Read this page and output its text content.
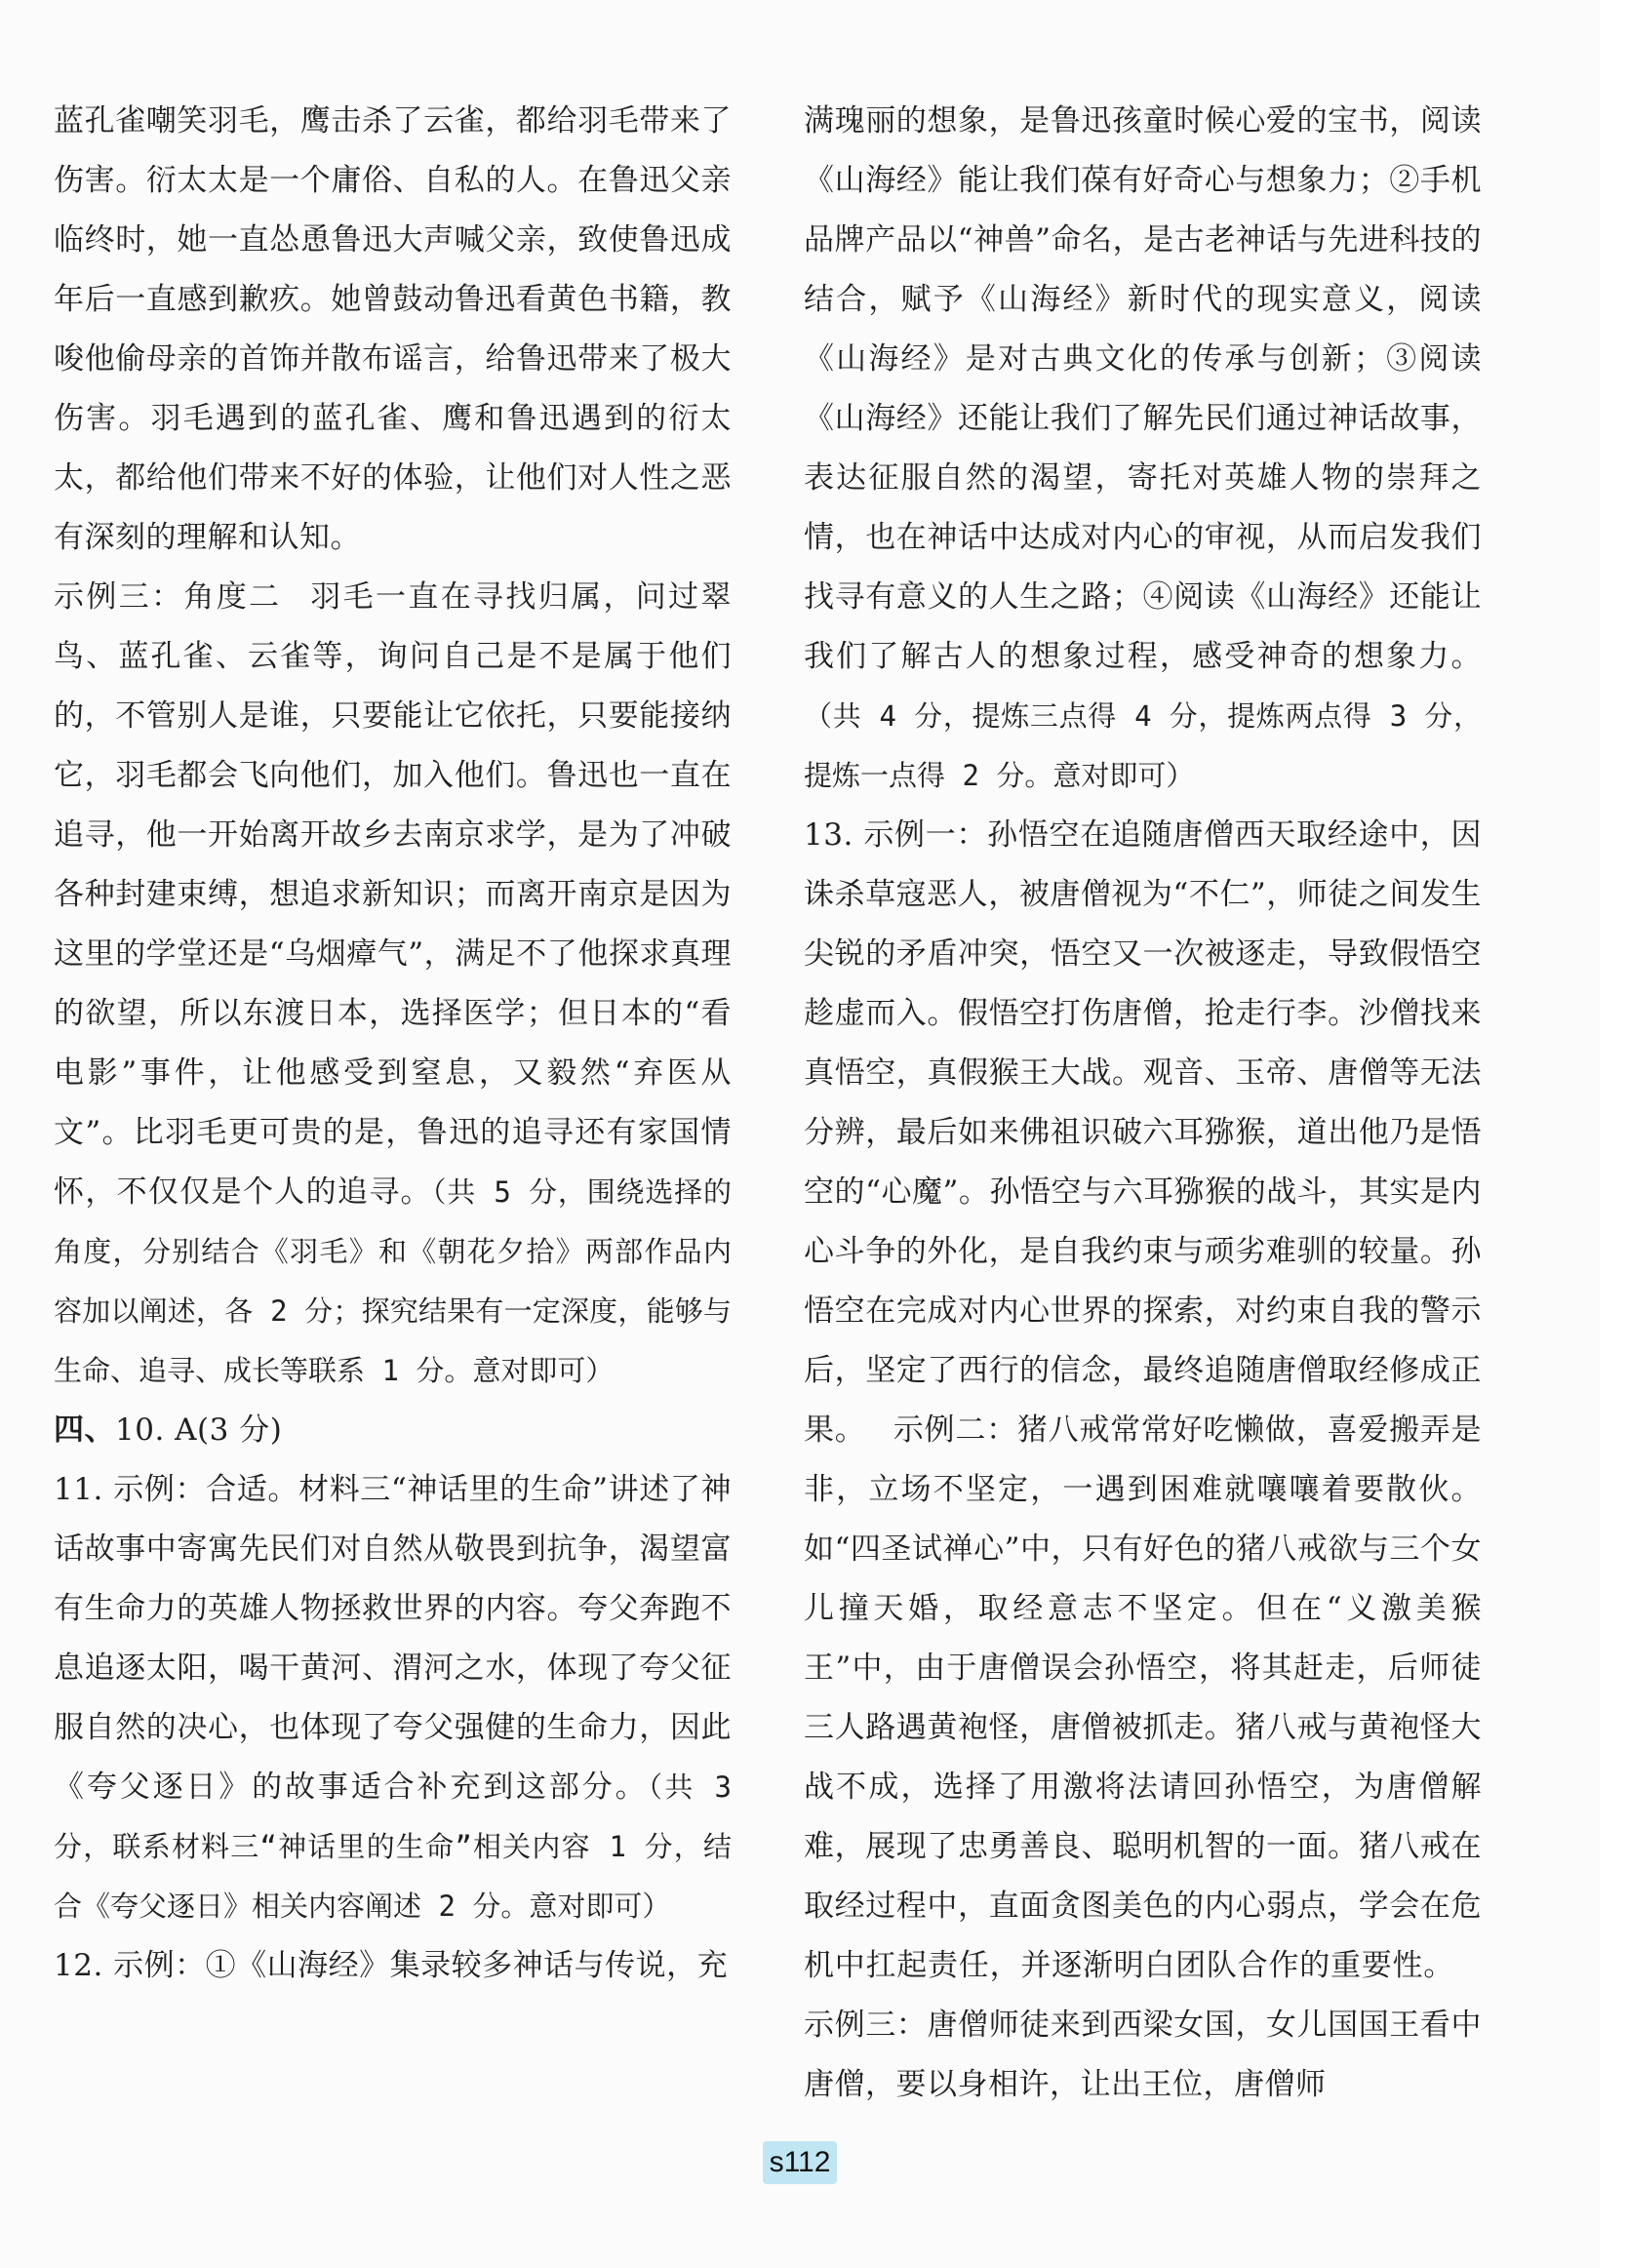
蓝孔雀嘲笑羽毛，鹰击杀了云雀，都给羽毛带来了伤害。衍太太是一个庸俗、自私的人。在鲁迅父亲临终时，她一直怂恿鲁迅大声喊父亲，致使鲁迅成年后一直感到歉疚。她曾鼓动鲁迅看黄色书籍，教唆他偷母亲的首饰并散布谣言，给鲁迅带来了极大伤害。羽毛遇到的蓝孔雀、鹰和鲁迅遇到的衍太太，都给他们带来不好的体验，让他们对人性之恶有深刻的理解和认知。

示例三：角度二 羽毛一直在寻找归属，问过翠鸟、蓝孔雀、云雀等，询问自己是不是属于他们的，不管别人是谁，只要能让它依托，只要能接纳它，羽毛都会飞向他们，加入他们。鲁迅也一直在追寻，他一开始离开故乡去南京求学，是为了冲破各种封建束缚，想追求新知识；而离开南京是因为这里的学堂还是“乌烟瘴气”，满足不了他探求真理的欲望，所以东渡日本，选择医学；但日本的“看电影”事件，让他感受到窒息，又毅然“弃医从文”。比羽毛更可贵的是，鲁迅的追寻还有家国情怀，不仅仅是个人的追寻。（共 5 分，围绕选择的角度，分别结合《羽毛》和《朝花夕拾》两部作品内容加以阐述，各 2 分；探究结果有一定深度，能够与生命、追寻、成长等联系 1 分。意对即可）

四、10. A(3 分)

11. 示例：合适。材料三“神话里的生命”讲述了神话故事中寄寓先民们对自然从敬畏到抗争，渴望富有生命力的英雄人物拯救世界的内容。夸父奔跑不息追逐太阳，喝干黄河、渭河之水，体现了夸父征服自然的决心，也体现了夸父强健的生命力，因此《夸父逐日》的故事适合补充到这部分。（共 3 分，联系材料三“神话里的生命”相关内容 1 分，结合《夸父逐日》相关内容阐述 2 分。意对即可）

12. 示例：①《山海经》集录较多神话与传说，充

满瑰丽的想象，是鲁迅孩童时候心爱的宝书，阅读《山海经》能让我们葆有好奇心与想象力；②手机品牌产品以“神兽”命名，是古老神话与先进科技的结合，赋予《山海经》新时代的现实意义，阅读《山海经》是对古典文化的传承与创新；③阅读《山海经》还能让我们了解先民们通过神话故事，表达征服自然的渴望，寄托对英雄人物的崇拜之情，也在神话中达成对内心的审视，从而启发我们找寻有意义的人生之路；④阅读《山海经》还能让我们了解古人的想象过程，感受神奇的想象力。（共 4 分，提炼三点得 4 分，提炼两点得 3 分，提炼一点得 2 分。意对即可）

13. 示例一：孙悟空在追随唐僧西天取经途中，因诛杀草寇恶人，被唐僧视为“不仁”，师徒之间发生尖锐的矛盾冲突，悟空又一次被逐走，导致假悟空趁虚而入。假悟空打伤唐僧，抢走行李。沙僧找来真悟空，真假猴王大战。观音、玉帝、唐僧等无法分辨，最后如来佛祖识破六耳猕猴，道出他乃是悟空的“心魔”。孙悟空与六耳猕猴的战斗，其实是内心斗争的外化，是自我约束与顽劣难驯的较量。孙悟空在完成对内心世界的探索，对约束自我的警示后，坚定了西行的信念，最终追随唐僧取经修成正果。 示例二：猪八戒常常好吃懒做，喜爱搬弄是非，立场不坚定，一遇到困难就嚷嚷着要散伙。如“四圣试禅心”中，只有好色的猪八戒欲与三个女儿撞天婚，取经意志不坚定。但在“义激美猴王”中，由于唐僧误会孙悟空，将其赶走，后师徒三人路遇黄袍怪，唐僧被抓走。猪八戒与黄袍怪大战不成，选择了用激将法请回孙悟空，为唐僧解难，展现了忠勇善良、聪明机智的一面。猪八戒在取经过程中，直面贪图美色的内心弱点，学会在危机中扛起责任，并逐渐明白团队合作的重要性。示例三：唐僧师徒来到西梁女国，女儿国国王看中唐僧，要以身相许，让出王位，唐僧师

s112
